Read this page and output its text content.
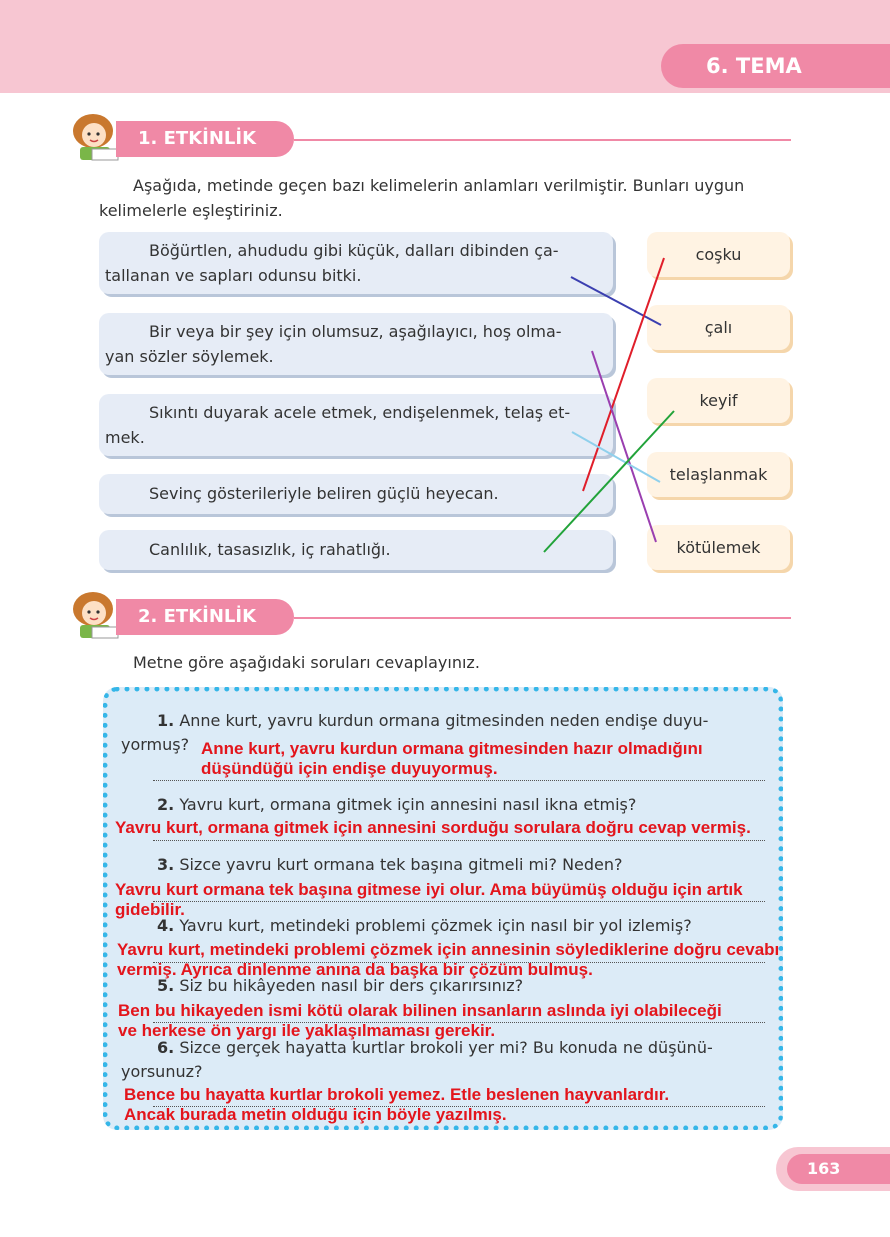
6. TEMA
1. ETKİNLİK
Aşağıda, metinde geçen bazı kelimelerin anlamları verilmiştir. Bunları uygun
kelimelerle eşleştiriniz.
Böğürtlen, ahududu gibi küçük, dalları dibinden ça-
tallanan ve sapları odunsu bitki.
Bir veya bir şey için olumsuz, aşağılayıcı, hoş olma-
yan sözler söylemek.
Sıkıntı duyarak acele etmek, endişelenmek, telaş et-
mek.
Sevinç gösterileriyle beliren güçlü heyecan.
Canlılık, tasasızlık, iç rahatlığı.
coşku
çalı
keyif
telaşlanmak
kötülemek
2. ETKİNLİK
Metne göre aşağıdaki soruları cevaplayınız.
1. Anne kurt, yavru kurdun ormana gitmesinden neden endişe duyu-
yormuş? Anne kurt, yavru kurdun ormana gitmesinden hazır olmadığını
düşündüğü için endişe duyuyormuş.
2. Yavru kurt, ormana gitmek için annesini nasıl ikna etmiş?
Yavru kurt, ormana gitmek için annesini sorduğu sorulara doğru cevap vermiş.
3. Sizce yavru kurt ormana tek başına gitmeli mi? Neden?
Yavru kurt ormana tek başına gitmese iyi olur. Ama büyümüş olduğu için artık
gidebilir.
4. Yavru kurt, metindeki problemi çözmek için nasıl bir yol izlemiş?
Yavru kurt, metindeki problemi çözmek için annesinin söylediklerine doğru cevabı
vermiş. Ayrıca dinlenme anına da başka bir çözüm bulmuş.
5. Siz bu hikâyeden nasıl bir ders çıkarırsınız?
Ben bu hikayeden ismi kötü olarak bilinen insanların aslında iyi olabileceği
ve herkese ön yargı ile yaklaşılmaması gerekir.
6. Sizce gerçek hayatta kurtlar brokoli yer mi? Bu konuda ne düşünü-
yorsunuz?
Bence bu hayatta kurtlar brokoli yemez. Etle beslenen hayvanlardır.
Ancak burada metin olduğu için böyle yazılmış.
163
